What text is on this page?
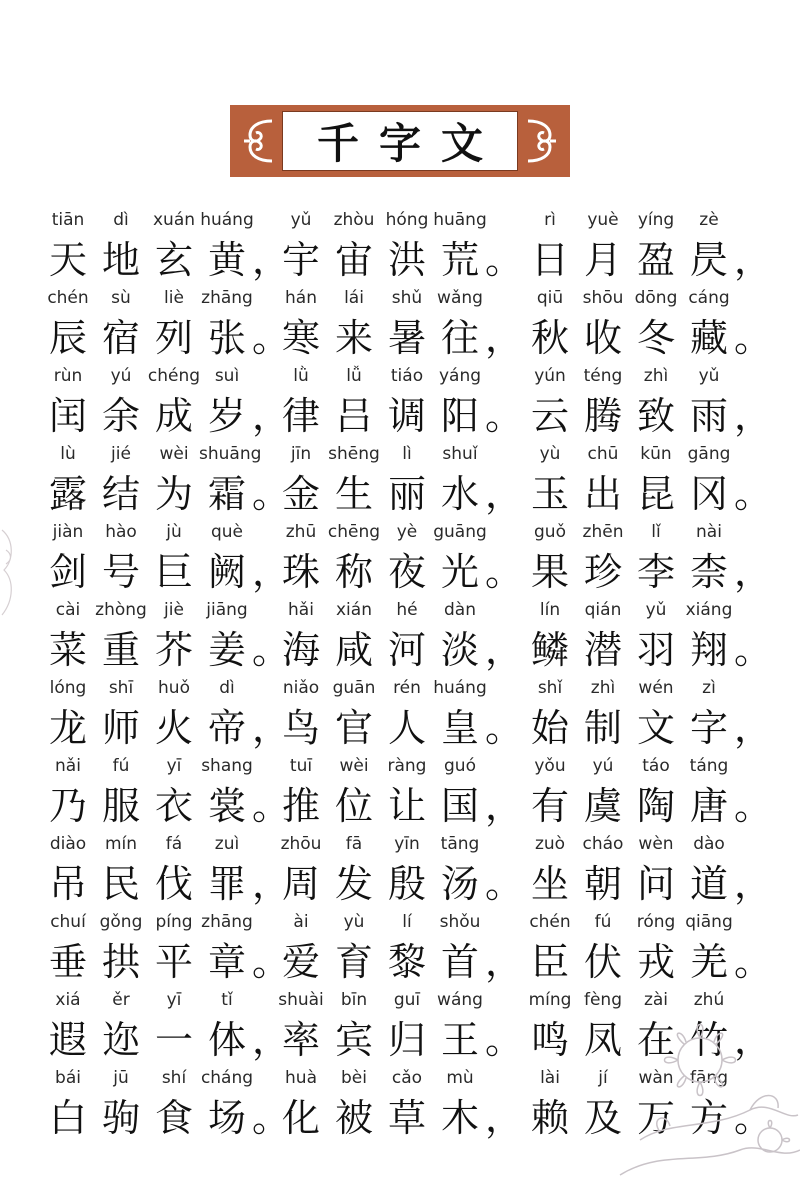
千字文
tiān
天
dì
地
xuán
玄
huáng
黄 ，
yǔ
宇
zhòu
宙
hóng
洪
huāng
荒 。
rì
日
yuè
月
yíng
盈
zè
昃 ，
chén
辰
sù
宿
liè
列
zhāng
张 。
hán
寒
lái
来
shǔ
暑
wǎng
往 ，
qiū
秋
shōu
收
dōng
冬
cáng
藏 。
rùn
闰
yú
余
chéng
成
suì
岁 ，
lǜ
律
lǚ
吕
tiáo
调
yáng
阳 。
yún
云
téng
腾
zhì
致
yǔ
雨 ，
lù
露
jié
结
wèi
为
shuāng
霜 。
jīn
金
shēng
生
lì
丽
shuǐ
水 ，
yù
玉
chū
出
kūn
昆
gāng
冈 。
jiàn
剑
hào
号
jù
巨
què
阙 ，
zhū
珠
chēng
称
yè
夜
guāng
光 。
guǒ
果
zhēn
珍
lǐ
李
nài
柰 ，
cài
菜
zhòng
重
jiè
芥
jiāng
姜 。
hǎi
海
xián
咸
hé
河
dàn
淡 ，
lín
鳞
qián
潜
yǔ
羽
xiáng
翔 。
lóng
龙
shī
师
huǒ
火
dì
帝 ，
niǎo
鸟
guān
官
rén
人
huáng
皇 。
shǐ
始
zhì
制
wén
文
zì
字 ，
nǎi
乃
fú
服
yī
衣
shang
裳 。
tuī
推
wèi
位
ràng
让
guó
国 ，
yǒu
有
yú
虞
táo
陶
táng
唐 。
diào
吊
mín
民
fá
伐
zuì
罪 ，
zhōu
周
fā
发
yīn
殷
tāng
汤 。
zuò
坐
cháo
朝
wèn
问
dào
道 ，
chuí
垂
gǒng
拱
píng
平
zhāng
章 。
ài
爱
yù
育
lí
黎
shǒu
首 ，
chén
臣
fú
伏
róng
戎
qiāng
羌 。
xiá
遐
ěr
迩
yī
一
tǐ
体 ，
shuài
率
bīn
宾
guī
归
wáng
王 。
míng
鸣
fèng
凤
zài
在
zhú
竹 ，
bái
白
jū
驹
shí
食
cháng
场 。
huà
化
bèi
被
cǎo
草
mù
木 ，
lài
赖
jí
及
wàn
万
fāng
方 。
